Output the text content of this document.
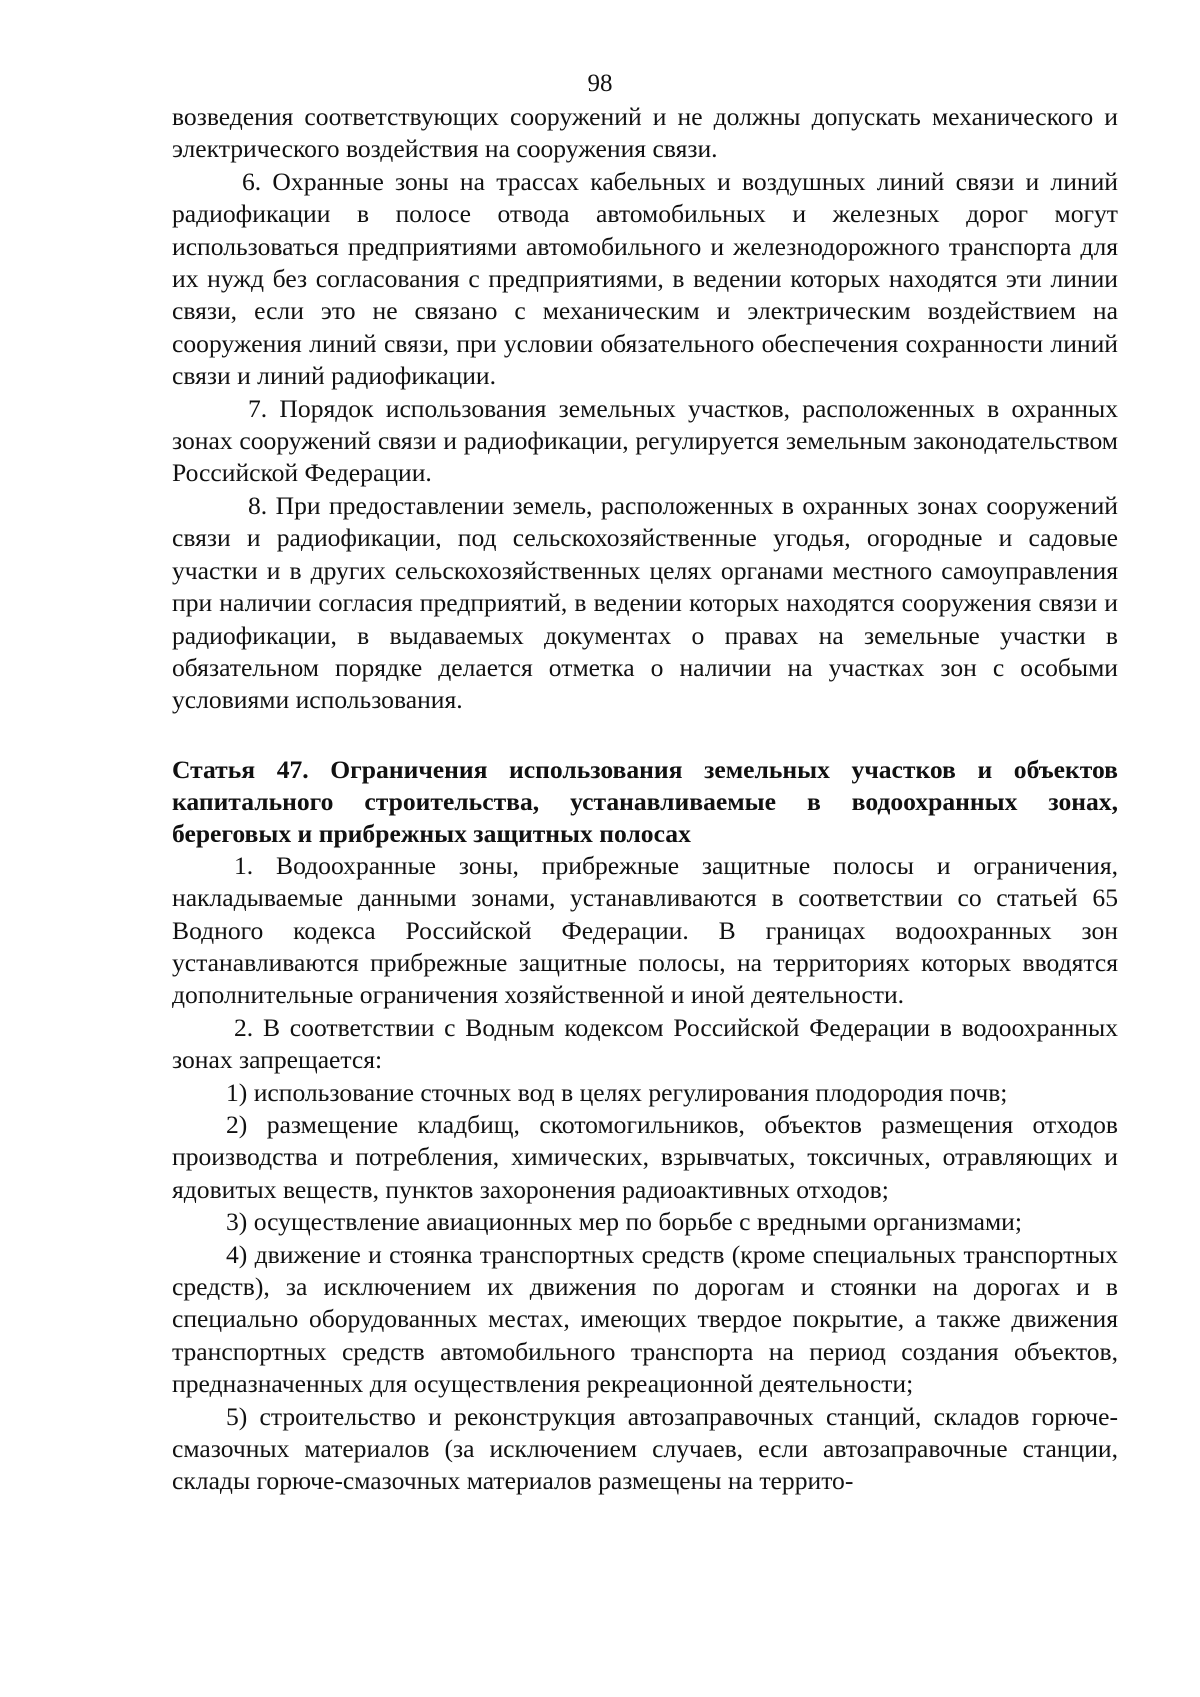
98

возведения соответствующих сооружений и не должны допускать механического и электрического воздействия на сооружения связи.

6. Охранные зоны на трассах кабельных и воздушных линий связи и линий радиофикации в полосе отвода автомобильных и железных дорог могут использоваться предприятиями автомобильного и железнодорожного транспорта для их нужд без согласования с предприятиями, в ведении которых находятся эти линии связи, если это не связано с механическим и электрическим воздействием на сооружения линий связи, при условии обязательного обеспечения сохранности линий связи и линий радиофикации.

7. Порядок использования земельных участков, расположенных в охранных зонах сооружений связи и радиофикации, регулируется земельным законодательством Российской Федерации.

8. При предоставлении земель, расположенных в охранных зонах сооружений связи и радиофикации, под сельскохозяйственные угодья, огородные и садовые участки и в других сельскохозяйственных целях органами местного самоуправления при наличии согласия предприятий, в ведении которых находятся сооружения связи и радиофикации, в выдаваемых документах о правах на земельные участки в обязательном порядке делается отметка о наличии на участках зон с особыми условиями использования.

Статья 47. Ограничения использования земельных участков и объектов капитального строительства, устанавливаемые в водоохранных зонах, береговых и прибрежных защитных полосах

1. Водоохранные зоны, прибрежные защитные полосы и ограничения, накладываемые данными зонами, устанавливаются в соответствии со статьей 65 Водного кодекса Российской Федерации. В границах водоохранных зон устанавливаются прибрежные защитные полосы, на территориях которых вводятся дополнительные ограничения хозяйственной и иной деятельности.

2. В соответствии с Водным кодексом Российской Федерации в водоохранных зонах запрещается:

1) использование сточных вод в целях регулирования плодородия почв;

2) размещение кладбищ, скотомогильников, объектов размещения отходов производства и потребления, химических, взрывчатых, токсичных, отравляющих и ядовитых веществ, пунктов захоронения радиоактивных отходов;

3) осуществление авиационных мер по борьбе с вредными организмами;

4) движение и стоянка транспортных средств (кроме специальных транспортных средств), за исключением их движения по дорогам и стоянки на дорогах и в специально оборудованных местах, имеющих твердое покрытие, а также движения транспортных средств автомобильного транспорта на период создания объектов, предназначенных для осуществления рекреационной деятельности;

5) строительство и реконструкция автозаправочных станций, складов горюче-смазочных материалов (за исключением случаев, если автозаправочные станции, склады горюче-смазочных материалов размещены на террито-
